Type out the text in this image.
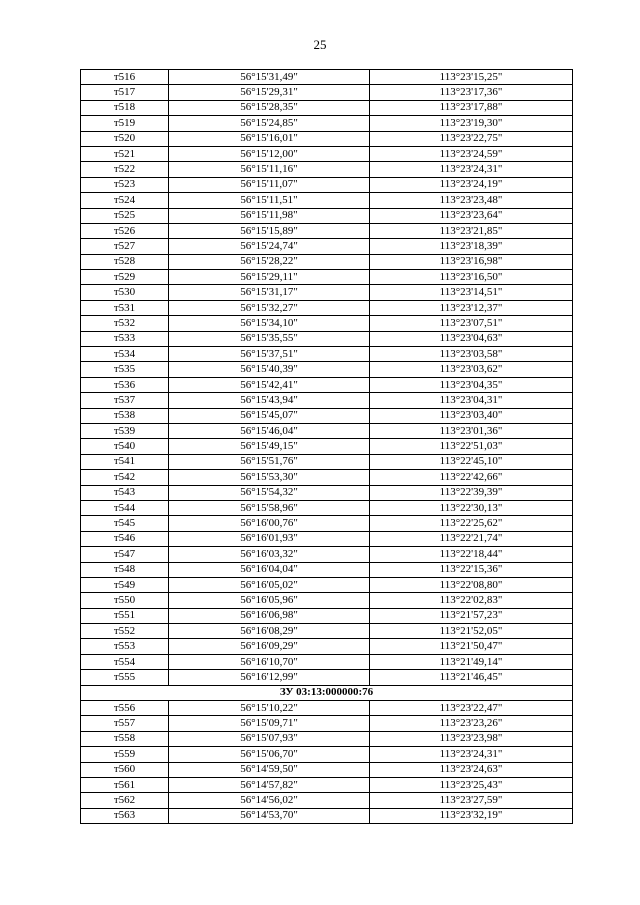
25
т516	56°15'31,49"	113°23'15,25"
т517	56°15'29,31"	113°23'17,36"
т518	56°15'28,35"	113°23'17,88"
т519	56°15'24,85"	113°23'19,30"
т520	56°15'16,01"	113°23'22,75"
т521	56°15'12,00"	113°23'24,59"
т522	56°15'11,16"	113°23'24,31"
т523	56°15'11,07"	113°23'24,19"
т524	56°15'11,51"	113°23'23,48"
т525	56°15'11,98"	113°23'23,64"
т526	56°15'15,89"	113°23'21,85"
т527	56°15'24,74"	113°23'18,39"
т528	56°15'28,22"	113°23'16,98"
т529	56°15'29,11"	113°23'16,50"
т530	56°15'31,17"	113°23'14,51"
т531	56°15'32,27"	113°23'12,37"
т532	56°15'34,10"	113°23'07,51"
т533	56°15'35,55"	113°23'04,63"
т534	56°15'37,51"	113°23'03,58"
т535	56°15'40,39"	113°23'03,62"
т536	56°15'42,41"	113°23'04,35"
т537	56°15'43,94"	113°23'04,31"
т538	56°15'45,07"	113°23'03,40"
т539	56°15'46,04"	113°23'01,36"
т540	56°15'49,15"	113°22'51,03"
т541	56°15'51,76"	113°22'45,10"
т542	56°15'53,30"	113°22'42,66"
т543	56°15'54,32"	113°22'39,39"
т544	56°15'58,96"	113°22'30,13"
т545	56°16'00,76"	113°22'25,62"
т546	56°16'01,93"	113°22'21,74"
т547	56°16'03,32"	113°22'18,44"
т548	56°16'04,04"	113°22'15,36"
т549	56°16'05,02"	113°22'08,80"
т550	56°16'05,96"	113°22'02,83"
т551	56°16'06,98"	113°21'57,23"
т552	56°16'08,29"	113°21'52,05"
т553	56°16'09,29"	113°21'50,47"
т554	56°16'10,70"	113°21'49,14"
т555	56°16'12,99"	113°21'46,45"
ЗУ 03:13:000000:76		
т556	56°15'10,22"	113°23'22,47"
т557	56°15'09,71"	113°23'23,26"
т558	56°15'07,93"	113°23'23,98"
т559	56°15'06,70"	113°23'24,31"
т560	56°14'59,50"	113°23'24,63"
т561	56°14'57,82"	113°23'25,43"
т562	56°14'56,02"	113°23'27,59"
т563	56°14'53,70"	113°23'32,19"
